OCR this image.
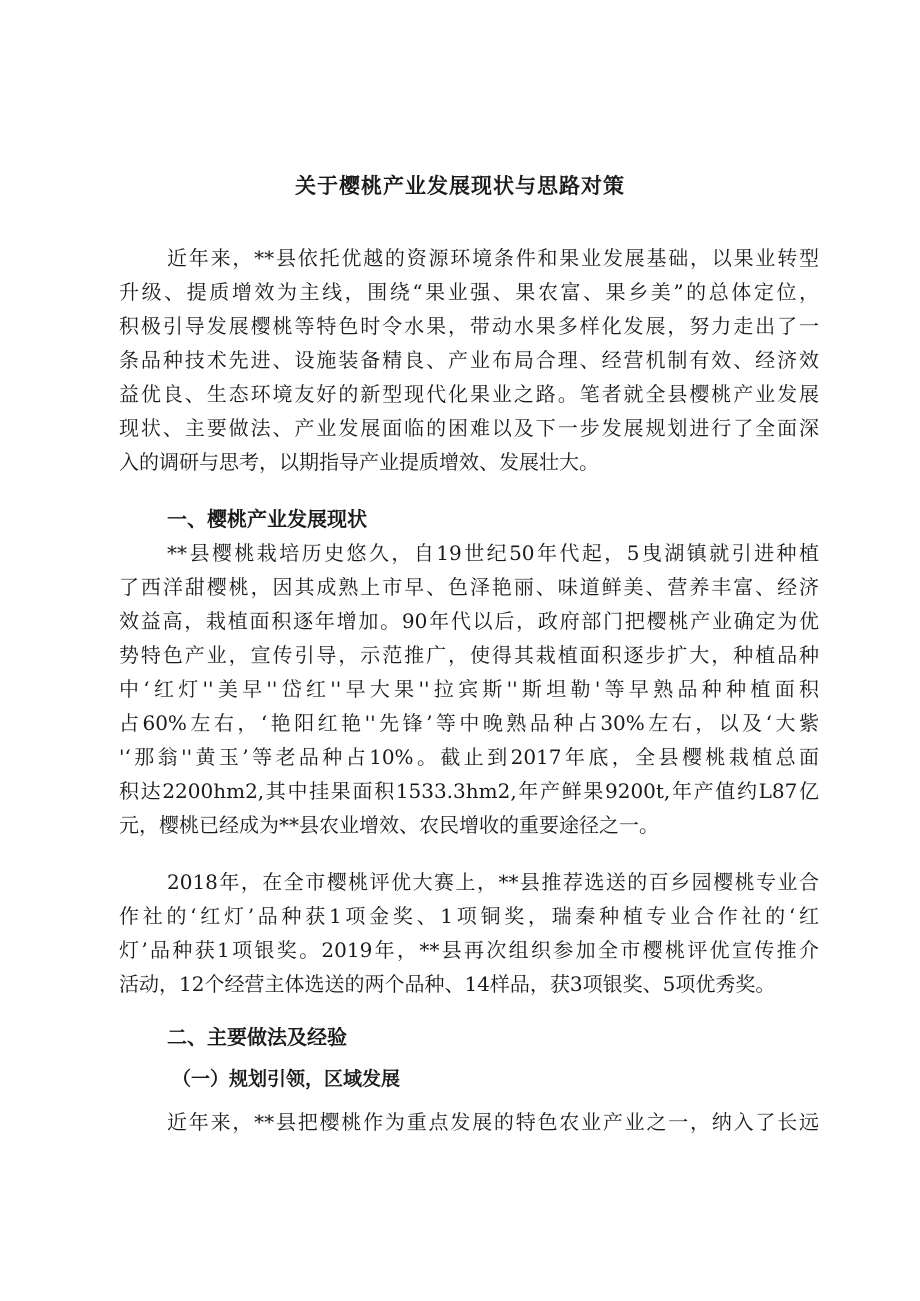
关于樱桃产业发展现状与思路对策

近年来，**县依托优越的资源环境条件和果业发展基础，以果业转型

升级、提质增效为主线，围绕“果业强、果农富、果乡美”的总体定位，

积极引导发展樱桃等特色时令水果，带动水果多样化发展，努力走出了一

条品种技术先进、设施装备精良、产业布局合理、经营机制有效、经济效

益优良、生态环境友好的新型现代化果业之路。笔者就全县樱桃产业发展

现状、主要做法、产业发展面临的困难以及下一步发展规划进行了全面深

入的调研与思考，以期指导产业提质增效、发展壮大。

一、樱桃产业发展现状

**县樱桃栽培历史悠久，自19世纪50年代起，5曳湖镇就引进种植

了西洋甜樱桃，因其成熟上市早、色泽艳丽、味道鲜美、营养丰富、经济

效益高，栽植面积逐年增加。90年代以后，政府部门把樱桃产业确定为优

势特色产业，宣传引导，示范推广，使得其栽植面积逐步扩大，种植品种

中‘红灯''美早''岱红''早大果''拉宾斯''斯坦勒'等早熟品种种植面积

占60%左右，‘艳阳红艳''先锋’等中晚熟品种占30%左右，以及‘大紫

'‘那翁''黄玉’等老品种占10%。截止到2017年底，全县樱桃栽植总面

积达2200hm2,其中挂果面积1533.3hm2,年产鲜果9200t,年产值约L87亿

元，樱桃已经成为**县农业增效、农民增收的重要途径之一。

2018年，在全市樱桃评优大赛上，**县推荐选送的百乡园樱桃专业合

作社的‘红灯’品种获1项金奖、1项铜奖，瑞秦种植专业合作社的‘红

灯’品种获1项银奖。2019年，**县再次组织参加全市樱桃评优宣传推介

活动，12个经营主体选送的两个品种、14样品，获3项银奖、5项优秀奖。

二、主要做法及经验
（一）规划引领，区域发展

近年来，**县把樱桃作为重点发展的特色农业产业之一，纳入了长远
